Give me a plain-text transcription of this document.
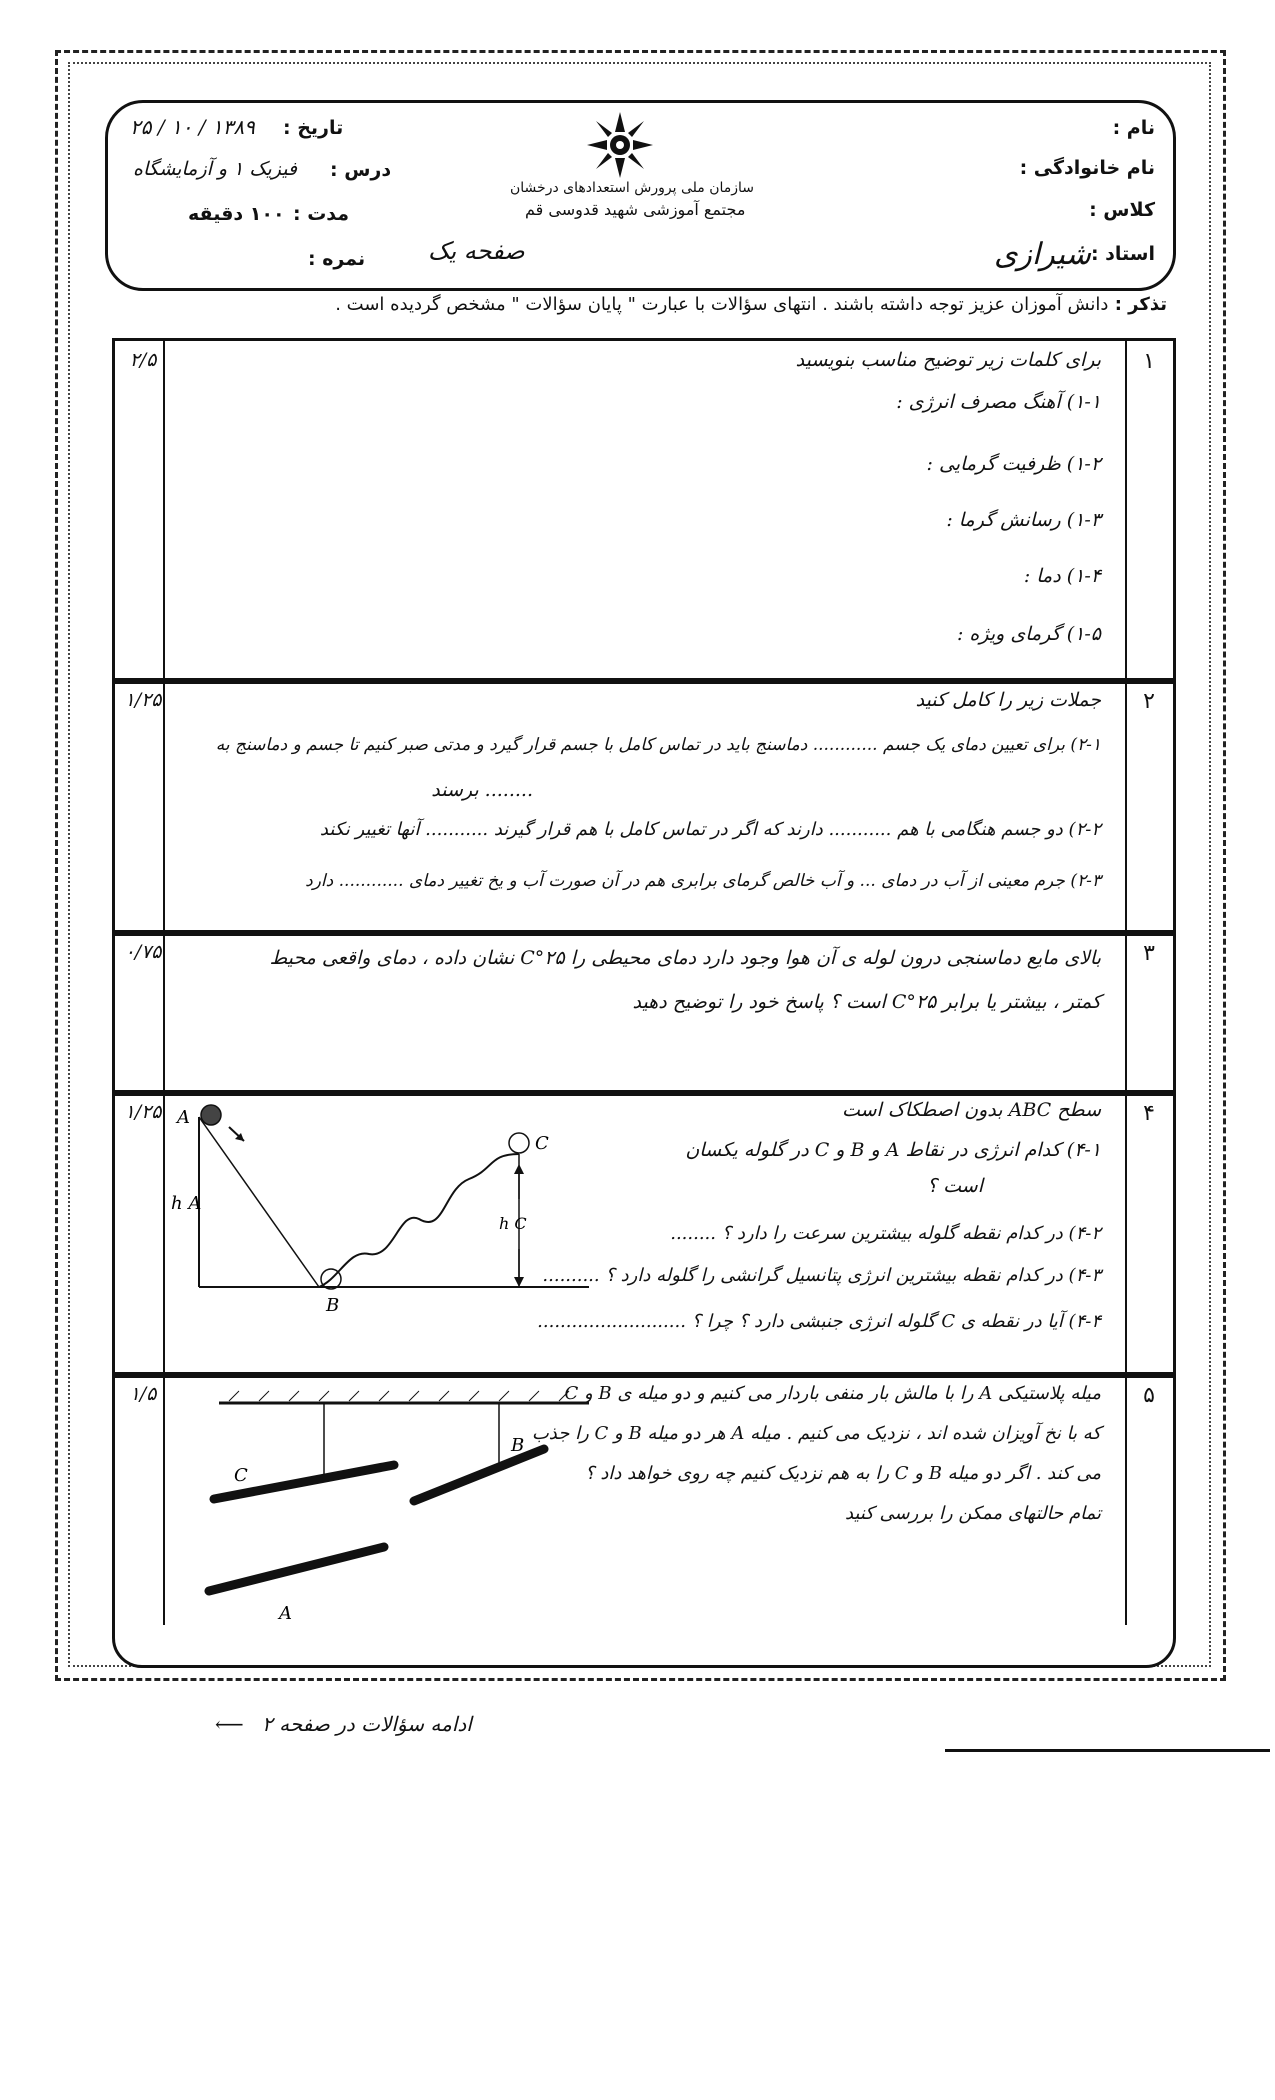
نام :
نام خانوادگی :
کلاس :
استاد :
شیرازی
تاریخ :
۱۳۸۹ / ۱۰ / ۲۵
درس :
فیزیک ۱ و آزمایشگاه
مدت :
۱۰۰ دقیقه
نمره :	صفحه یک
سازمان ملی پرورش استعدادهای درخشان
مجتمع آموزشی شهید قدوسی قم
تذکر : دانش آموزان عزیز توجه داشته باشند . انتهای سؤالات با عبارت " پایان سؤالات " مشخص گردیده است .
۱
۲/۵	برای کلمات زیر توضیح مناسب بنویسید
۱-۱) آهنگ مصرف انرژی :
۱-۲) ظرفیت گرمایی :
۱-۳) رسانش گرما :
۱-۴) دما :
۱-۵) گرمای ویژه :
۲
۱/۲۵	جملات زیر را کامل کنید
۲-۱) برای تعیین دمای یک جسم ............ دماسنج باید در تماس کامل با جسم قرار گیرد و مدتی صبر کنیم تا جسم و دماسنج به
........ برسند
۲-۲) دو جسم هنگامی با هم ........... دارند که اگر در تماس کامل با هم قرار گیرند ........... آنها تغییر نکند
۲-۳) جرم معینی از آب در دمای ... و آب خالص گرمای برابری هم در آن صورت آب و یخ تغییر دمای ............ دارد
۳
۰/۷۵	بالای مایع دماسنجی درون لوله ی آن هوا وجود دارد دمای محیطی را ۲۵°C نشان داده ، دمای واقعی محیط
کمتر ، بیشتر یا برابر ۲۵°C است ؟ پاسخ خود را توضیح دهید
۴
۱/۲۵	سطح ABC بدون اصطکاک است
۴-۱) کدام انرژی در نقاط A و B و C در گلوله یکسان
است ؟
۴-۲) در کدام نقطه گلوله بیشترین سرعت را دارد ؟ ........
۴-۳) در کدام نقطه بیشترین انرژی پتانسیل گرانشی را گلوله دارد ؟ ..........
۴-۴) آیا در نقطه ی C گلوله انرژی جنبشی دارد ؟ چرا ؟ ..........................
A
B
C
h A
h C
۵
۱/۵	میله پلاستیکی A را با مالش بار منفی باردار می کنیم و دو میله ی B و C
که با نخ آویزان شده اند ، نزدیک می کنیم . میله A هر دو میله B و C را جذب
می کند . اگر دو میله B و C را به هم نزدیک کنیم چه روی خواهد داد ؟
تمام حالتهای ممکن را بررسی کنید
C
B
A
ادامه سؤالات در صفحه ۲ ⟵
